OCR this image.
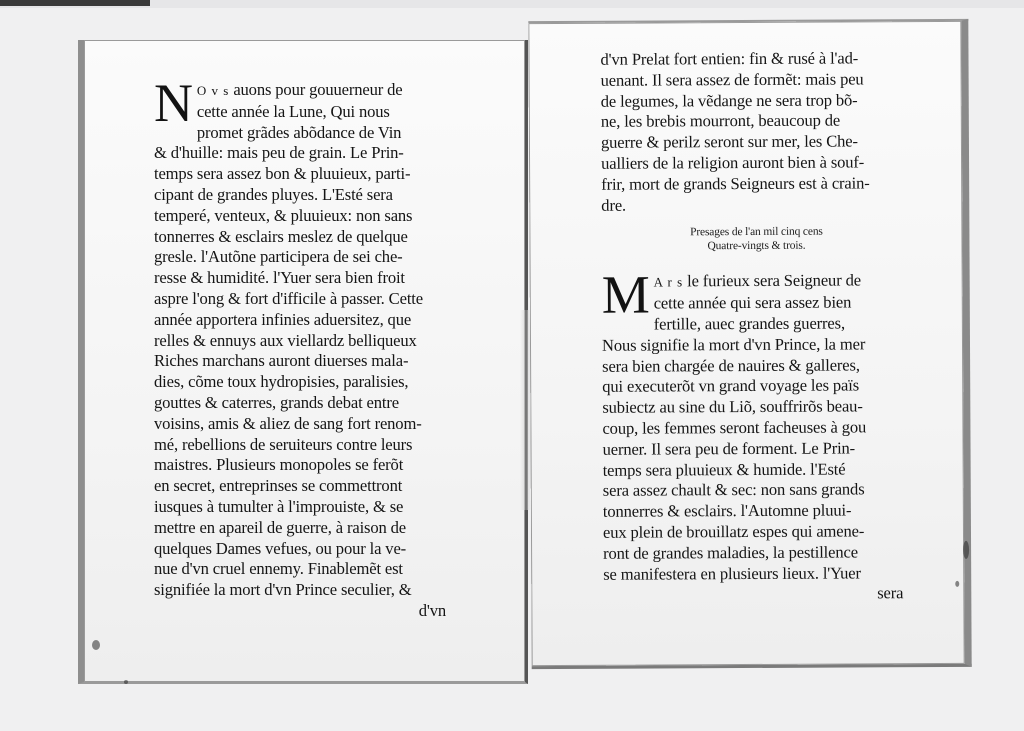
N O v s auons pour gouuerneur de
cette année la Lune, Qui nous
promet grãdes abõdance de Vin
& d'huille: mais peu de grain. Le Prin-
temps sera assez bon & pluuieux, parti-
cipant de grandes pluyes. L'Esté sera
temperé, venteux, & pluuieux: non sans
tonnerres & esclairs meslez de quelque
gresle. l'Autõne participera de sei che-
resse & humidité. l'Yuer sera bien froit
aspre l'ong & fort d'ifficile à passer. Cette
année apportera infinies aduersitez, que
relles & ennuys aux viellardz belliqueux
Riches marchans auront diuerses mala-
dies, cõme toux hydropisies, paralisies,
gouttes & caterres, grands debat entre
voisins, amis & aliez de sang fort renom-
mé, rebellions de seruiteurs contre leurs
maistres. Plusieurs monopoles se ferõt
en secret, entreprinses se commettront
iusques à tumulter à l'improuiste, & se
mettre en apareil de guerre, à raison de
quelques Dames vefues, ou pour la ve-
nue d'vn cruel ennemy. Finablemẽt est
signifiée la mort d'vn Prince seculier, &
d'vn
d'vn Prelat fort entien: fin & rusé à l'ad-
uenant. Il sera assez de formẽt: mais peu
de legumes, la vẽdange ne sera trop bõ-
ne, les brebis mourront, beaucoup de
guerre & perilz seront sur mer, les Che-
ualliers de la religion auront bien à souf-
frir, mort de grands Seigneurs est à crain-
dre.
Presages de l'an mil cinq cens
Quatre-vingts & trois.
M A r s le furieux sera Seigneur de
cette année qui sera assez bien
fertille, auec grandes guerres,
Nous signifie la mort d'vn Prince, la mer
sera bien chargée de nauires & galleres,
qui executerõt vn grand voyage les païs
subiectz au sine du Liõ, souffrirõs beau-
coup, les femmes seront facheuses à gou
uerner. Il sera peu de forment. Le Prin-
temps sera pluuieux & humide. l'Esté
sera assez chault & sec: non sans grands
tonnerres & esclairs. l'Automne pluui-
eux plein de brouillatz espes qui amene-
ront de grandes maladies, la pestillence
se manifestera en plusieurs lieux. l'Yuer
sera
